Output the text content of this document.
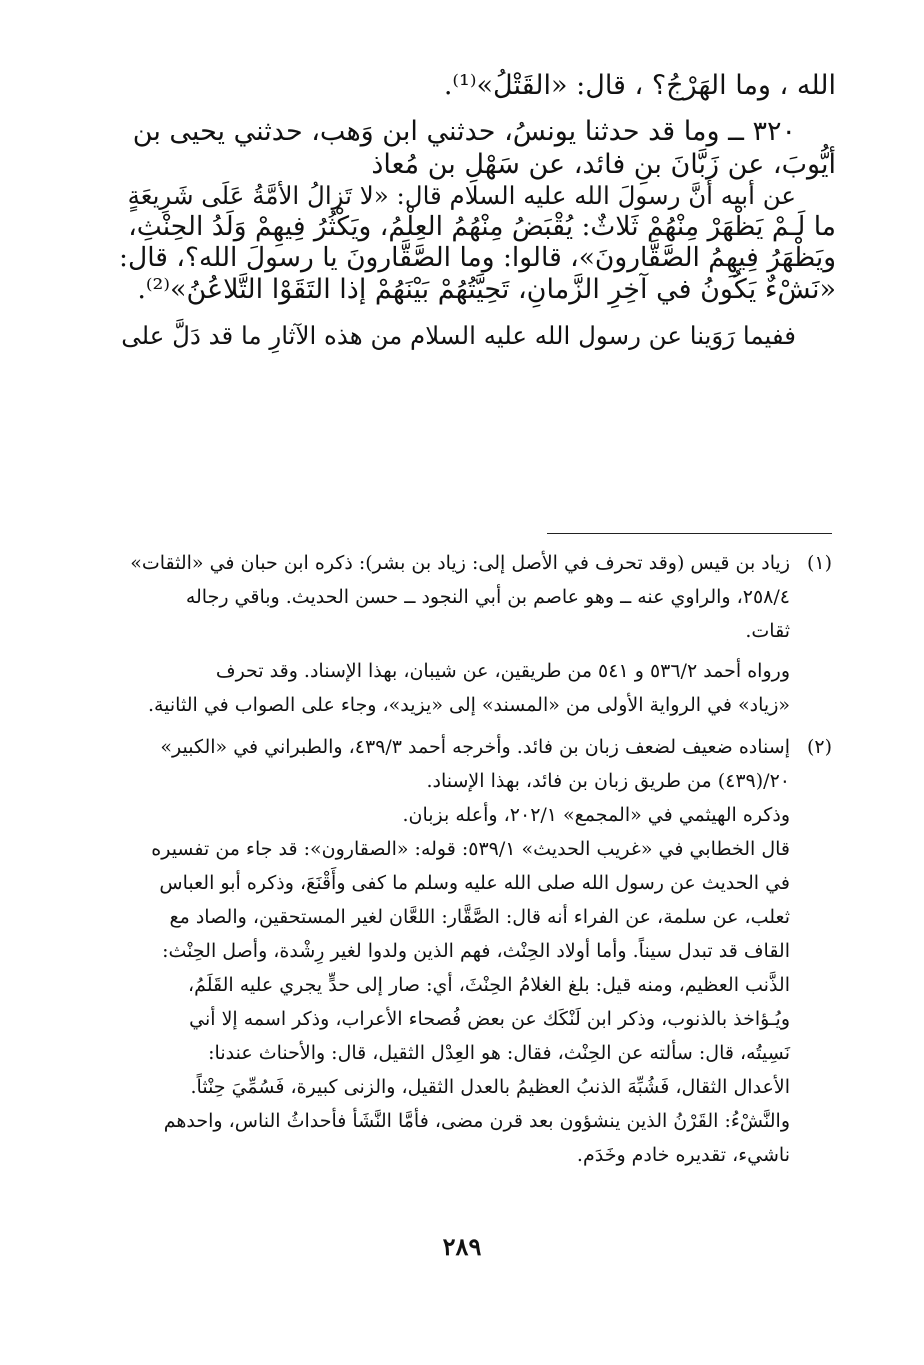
الله ، وما الهَرْجُ؟ ، قال: «القَتْلُ»⁽¹⁾.

٣٢٠ ــ وما قد حدثنا يونسُ، حدثني ابن وَهب، حدثني يحيى بن

أيُّوبَ، عن زَبَّانَ بنِ فائد، عن سَهْلِ بن مُعاذ

عن أبيه أنَّ رسولَ الله عليه السلام قال: «لا تَزالُ الأمَّةُ عَلَى شَرِيعَةٍ

ما لَـمْ يَظْهَرْ مِنْهُمْ ثَلاثٌ: يُقْبَضُ مِنْهُمُ العِلْمُ، ويَكْثُرُ فِيهِمْ وَلَدُ الحِنْثِ،

ويَظْهَرُ فِيهِمُ الصَّقَّارونَ»، قالوا: وما الصَّقَّارونَ يا رسولَ الله؟، قال:

«نَشْءٌ يَكُونُ في آخِرِ الزَّمانِ، تَحِيَّتُهُمْ بَيْنَهُمْ إذا التَقَوْا التَّلاعُنُ»⁽²⁾.

ففيما رَوَينا عن رسول الله عليه السلام من هذه الآثارِ ما قد دَلَّ على

(١)

زياد بن قيس (وقد تحرف في الأصل إلى: زياد بن بشر): ذكره ابن حبان في «الثقات»

٢٥٨/٤، والراوي عنه ــ وهو عاصم بن أبي النجود ــ حسن الحديث. وباقي رجاله

ثقات.

ورواه أحمد ٥٣٦/٢ و ٥٤١ من طريقين، عن شيبان، بهذا الإسناد. وقد تحرف

«زياد» في الرواية الأولى من «المسند» إلى «يزيد»، وجاء على الصواب في الثانية.

(٢)

إسناده ضعيف لضعف زبان بن فائد. وأخرجه أحمد ٤٣٩/٣، والطبراني في «الكبير»

٢٠/(٤٣٩) من طريق زبان بن فائد، بهذا الإسناد.

وذكره الهيثمي في «المجمع» ٢٠٢/١، وأعله بزبان.

قال الخطابي في «غريب الحديث» ٥٣٩/١: قوله: «الصقارون»: قد جاء من تفسيره

في الحديث عن رسول الله صلى الله عليه وسلم ما كفى وأَقْنَعَ، وذكره أبو العباس

ثعلب، عن سلمة، عن الفراء أنه قال: الصَّقَّار: اللعَّان لغير المستحقين، والصاد مع

القاف قد تبدل سيناً. وأما أولاد الحِنْث، فهم الذين ولدوا لغير رِشْدة، وأصل الحِنْث:

الذَّنب العظيم، ومنه قيل: بلغ الغلامُ الحِنْثَ، أي: صار إلى حدٍّ يجري عليه القَلَمُ،

ويُـؤاخذ بالذنوب، وذكر ابن لَنْكَك عن بعض فُصحاء الأعراب، وذكر اسمه إلا أني

نَسِيتُه، قال: سألته عن الحِنْث، فقال: هو العِدْل الثقيل، قال: والأحناث عندنا:

الأعدال الثقال، فَشُبِّهَ الذنبُ العظيمُ بالعدل الثقيل، والزنى كبيرة، فَسُمِّيَ حِنْثاً.

والنَّشْءُ: القَرْنُ الذين ينشؤون بعد قرن مضى، فأمَّا النَّشَأ فأحداثُ الناس، واحدهم

ناشيء، تقديره خادم وخَدَم.

٢٨٩
